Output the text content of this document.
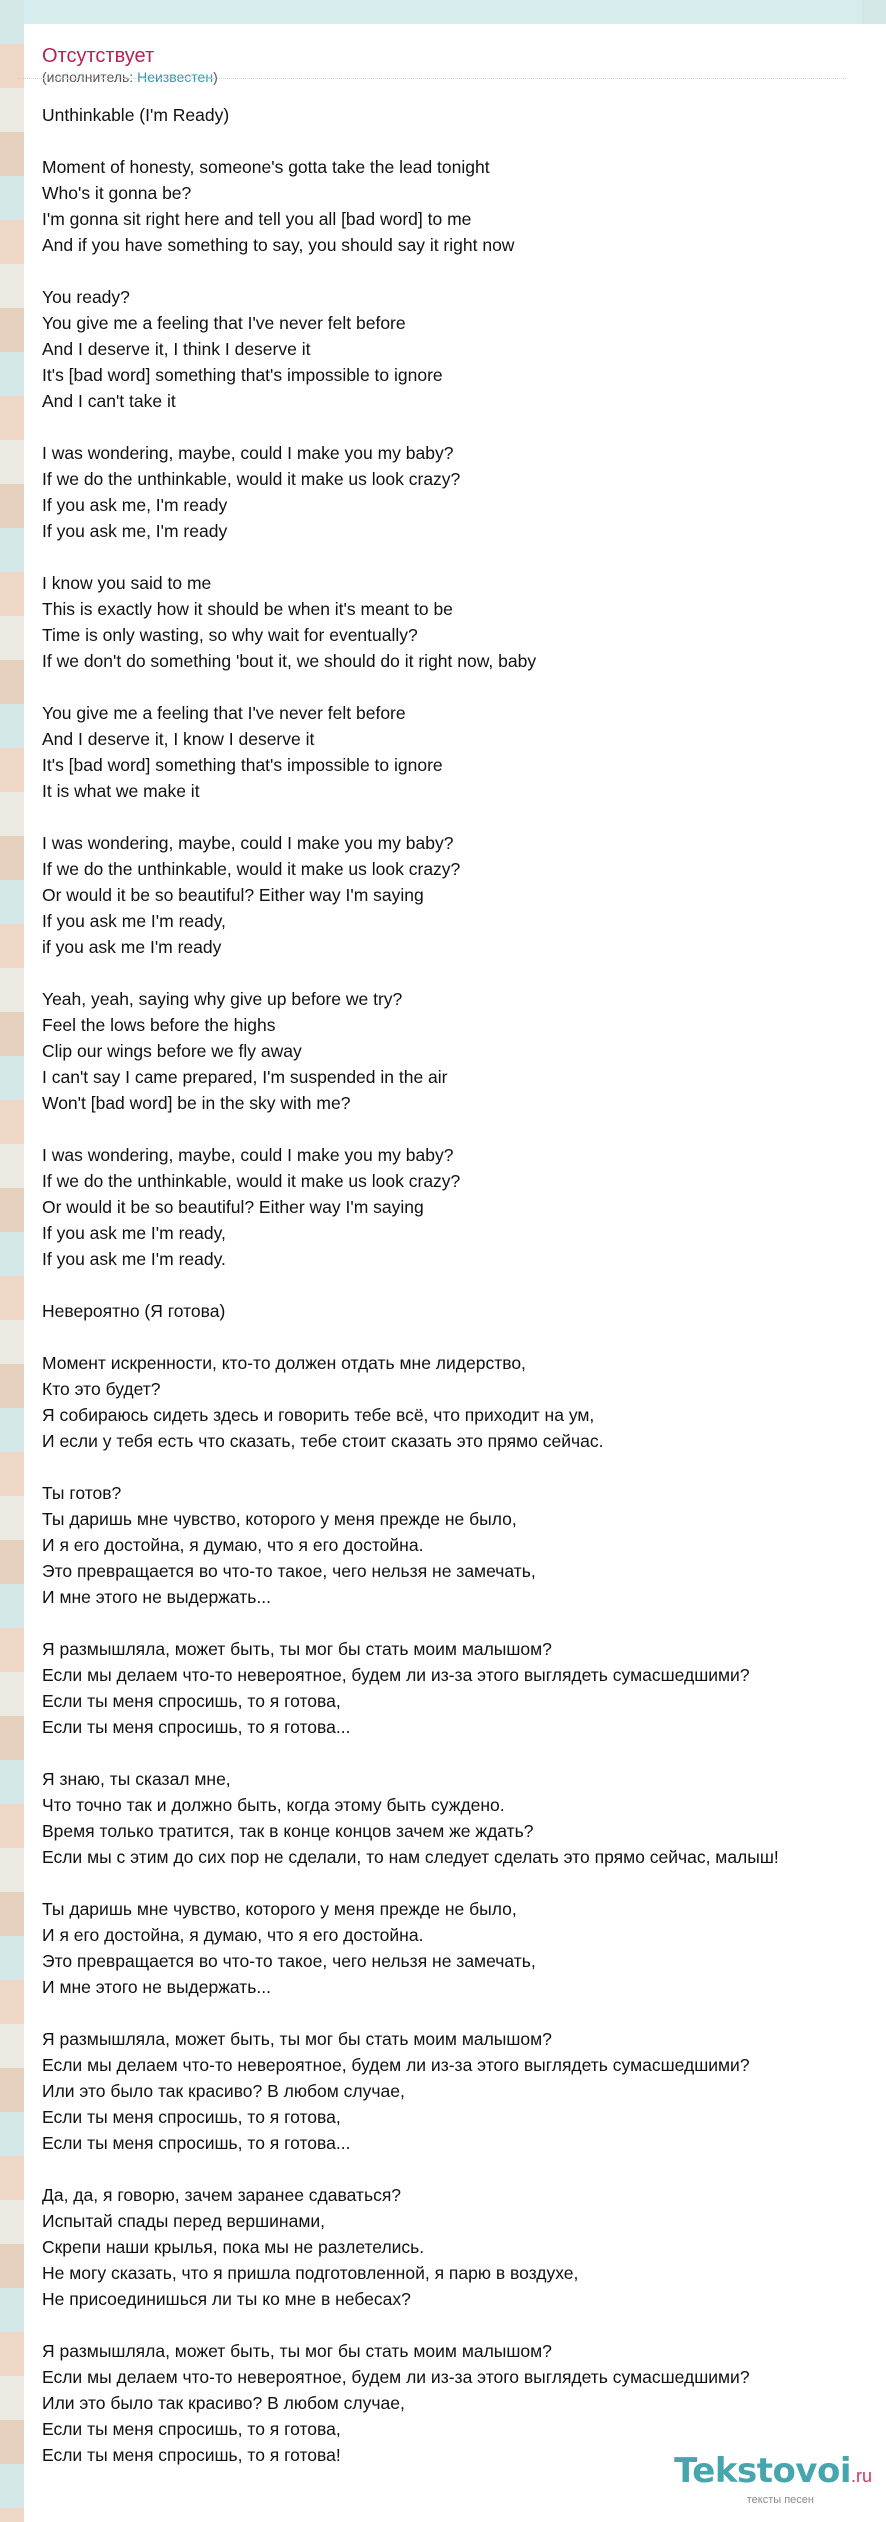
Отсутствует
(исполнитель: Неизвестен)
Unthinkable (I'm Ready)
Moment of honesty, someone's gotta take the lead tonight
Who's it gonna be?
I'm gonna sit right here and tell you all [bad word] to me
And if you have something to say, you should say it right now
You ready?
You give me a feeling that I've never felt before
And I deserve it, I think I deserve it
It's [bad word] something that's impossible to ignore
And I can't take it
I was wondering, maybe, could I make you my baby?
If we do the unthinkable, would it make us look crazy?
If you ask me, I'm ready
If you ask me, I'm ready
I know you said to me
This is exactly how it should be when it's meant to be
Time is only wasting, so why wait for eventually?
If we don't do something 'bout it, we should do it right now, baby
You give me a feeling that I've never felt before
And I deserve it, I know I deserve it
It's [bad word] something that's impossible to ignore
It is what we make it
I was wondering, maybe, could I make you my baby?
If we do the unthinkable, would it make us look crazy?
Or would it be so beautiful? Either way I'm saying
If you ask me I'm ready,
if you ask me I'm ready
Yeah, yeah, saying why give up before we try?
Feel the lows before the highs
Clip our wings before we fly away
I can't say I came prepared, I'm suspended in the air
Won't [bad word] be in the sky with me?
I was wondering, maybe, could I make you my baby?
If we do the unthinkable, would it make us look crazy?
Or would it be so beautiful? Either way I'm saying
If you ask me I'm ready,
If you ask me I'm ready.
Невероятно (Я готова)
Момент искренности, кто-то должен отдать мне лидерство,
Кто это будет?
Я собираюсь сидеть здесь и говорить тебе всё, что приходит на ум,
И если у тебя есть что сказать, тебе стоит сказать это прямо сейчас.
Ты готов?
Ты даришь мне чувство, которого у меня прежде не было,
И я его достойна, я думаю, что я его достойна.
Это превращается во что-то такое, чего нельзя не замечать,
И мне этого не выдержать...
Я размышляла, может быть, ты мог бы стать моим малышом?
Если мы делаем что-то невероятное, будем ли из-за этого выглядеть сумасшедшими?
Если ты меня спросишь, то я готова,
Если ты меня спросишь, то я готова...
Я знаю, ты сказал мне,
Что точно так и должно быть, когда этому быть суждено.
Время только тратится, так в конце концов зачем же ждать?
Если мы с этим до сих пор не сделали, то нам следует сделать это прямо сейчас, малыш!
Ты даришь мне чувство, которого у меня прежде не было,
И я его достойна, я думаю, что я его достойна.
Это превращается во что-то такое, чего нельзя не замечать,
И мне этого не выдержать...
Я размышляла, может быть, ты мог бы стать моим малышом?
Если мы делаем что-то невероятное, будем ли из-за этого выглядеть сумасшедшими?
Или это было так красиво? В любом случае,
Если ты меня спросишь, то я готова,
Если ты меня спросишь, то я готова...
Да, да, я говорю, зачем заранее сдаваться?
Испытай спады перед вершинами,
Скрепи наши крылья, пока мы не разлетелись.
Не могу сказать, что я пришла подготовленной, я парю в воздухе,
Не присоединишься ли ты ко мне в небесах?
Я размышляла, может быть, ты мог бы стать моим малышом?
Если мы делаем что-то невероятное, будем ли из-за этого выглядеть сумасшедшими?
Или это было так красиво? В любом случае,
Если ты меня спросишь, то я готова,
Если ты меня спросишь, то я готова!	Tekstovoi.ru
тексты песен
